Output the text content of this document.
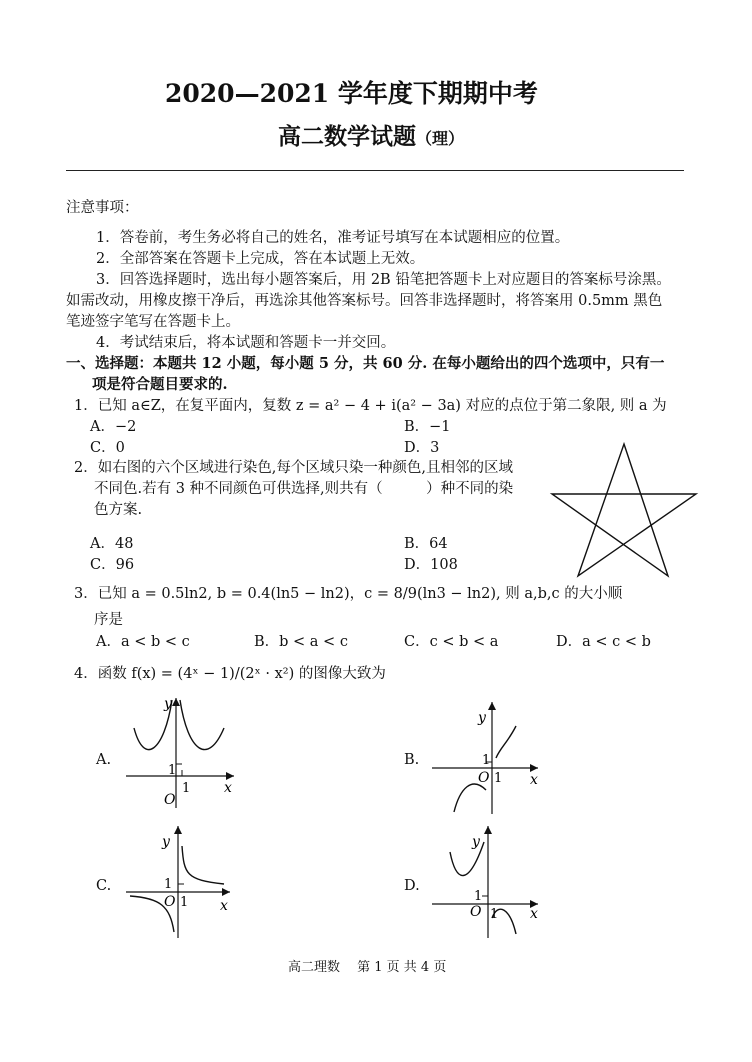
2020—2021 学年度下期期中考
高二数学试题（理）
注意事项：
1．答卷前，考生务必将自己的姓名，准考证号填写在本试题相应的位置。
2．全部答案在答题卡上完成，答在本试题上无效。
3．回答选择题时，选出每小题答案后，用 2B 铅笔把答题卡上对应题目的答案标号涂黑。
如需改动，用橡皮擦干净后，再选涂其他答案标号。回答非选择题时，将答案用 0.5mm 黑色
笔迹签字笔写在答题卡上。
4．考试结束后，将本试题和答题卡一并交回。
一、选择题：本题共 12 小题，每小题 5 分，共 60 分. 在每小题给出的四个选项中，只有一
项是符合题目要求的.
1．已知 a∈Z，在复平面内，复数 z = a² − 4 + i(a² − 3a) 对应的点位于第二象限, 则 a 为
A．−2	B．−1
C．0	D．3
2．如右图的六个区域进行染色,每个区域只染一种颜色,且相邻的区域
不同色.若有 3 种不同颜色可供选择,则共有（　　　）种不同的染
色方案.
A．48	B．64
C．96	D．108
3．已知 a = 0.5ln2, b = 0.4(ln5 − ln2)，c = 8/9(ln3 − ln2), 则 a,b,c 的大小顺
序是
A．a < b < c	B．b < a < c	C．c < b < a	D．a < c < b
4．函数 f(x) = (4ˣ − 1)/(2ˣ · x²) 的图像大致为
A.	B.
C.	D.
O
1
1 x
y
O
1
1 x
y
O
1
1 x
y
O
1
1 x
y
高二理数　 第 1 页 共 4 页
